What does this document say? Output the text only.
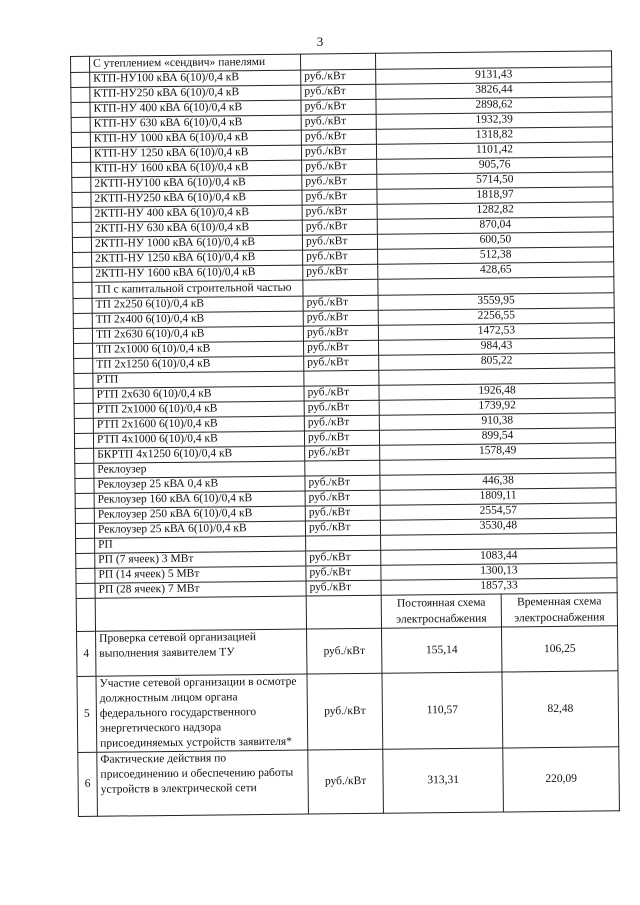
3
	С утеплением «сендвич» панелями			
	КТП-НУ100 кВА 6(10)/0,4 кВ	руб./кВт	9131,43	
	КТП-НУ250 кВА 6(10)/0,4 кВ	руб./кВт	3826,44	
	КТП-НУ 400 кВА 6(10)/0,4 кВ	руб./кВт	2898,62	
	КТП-НУ 630 кВА 6(10)/0,4 кВ	руб./кВт	1932,39	
	КТП-НУ 1000 кВА 6(10)/0,4 кВ	руб./кВт	1318,82	
	КТП-НУ 1250 кВА 6(10)/0,4 кВ	руб./кВт	1101,42	
	КТП-НУ 1600 кВА 6(10)/0,4 кВ	руб./кВт	905,76	
	2КТП-НУ100 кВА 6(10)/0,4 кВ	руб./кВт	5714,50	
	2КТП-НУ250 кВА 6(10)/0,4 кВ	руб./кВт	1818,97	
	2КТП-НУ 400 кВА 6(10)/0,4 кВ	руб./кВт	1282,82	
	2КТП-НУ 630 кВА 6(10)/0,4 кВ	руб./кВт	870,04	
	2КТП-НУ 1000 кВА 6(10)/0,4 кВ	руб./кВт	600,50	
	2КТП-НУ 1250 кВА 6(10)/0,4 кВ	руб./кВт	512,38	
	2КТП-НУ 1600 кВА 6(10)/0,4 кВ	руб./кВт	428,65	
	ТП с капитальной строительной частью			
	ТП 2х250 6(10)/0,4 кВ	руб./кВт	3559,95	
	ТП 2х400 6(10)/0,4 кВ	руб./кВт	2256,55	
	ТП 2х630 6(10)/0,4 кВ	руб./кВт	1472,53	
	ТП 2х1000 6(10)/0,4 кВ	руб./кВт	984,43	
	ТП 2х1250 6(10)/0,4 кВ	руб./кВт	805,22	
	РТП			
	РТП 2х630 6(10)/0,4 кВ	руб./кВт	1926,48	
	РТП 2х1000 6(10)/0,4 кВ	руб./кВт	1739,92	
	РТП 2х1600 6(10)/0,4 кВ	руб./кВт	910,38	
	РТП 4х1000 6(10)/0,4 кВ	руб./кВт	899,54	
	БКРТП 4х1250 6(10)/0,4 кВ	руб./кВт	1578,49	
	Реклоузер			
	Реклоузер 25 кВА 0,4 кВ	руб./кВт	446,38	
	Реклоузер 160 кВА 6(10)/0,4 кВ	руб./кВт	1809,11	
	Реклоузер 250 кВА 6(10)/0,4 кВ	руб./кВт	2554,57	
	Реклоузер 25 кВА 6(10)/0,4 кВ	руб./кВт	3530,48	
	РП			
	РП (7 ячеек) 3 МВт	руб./кВт	1083,44	
	РП (14 ячеек) 5 МВт	руб./кВт	1300,13	
	РП (28 ячеек) 7 МВт	руб./кВт	1857,33	
			Постоянная схема электроснабжения	Временная схема электроснабжения
4	Проверка сетевой организацией выполнения заявителем ТУ	руб./кВт	155,14	106,25
5	Участие сетевой организации в осмотре должностным лицом органа федерального государственного энергетического надзора присоединяемых устройств заявителя*	руб./кВт	110,57	82,48
6	Фактические действия по присоединению и обеспечению работы устройств в электрической сети	руб./кВт	313,31	220,09
